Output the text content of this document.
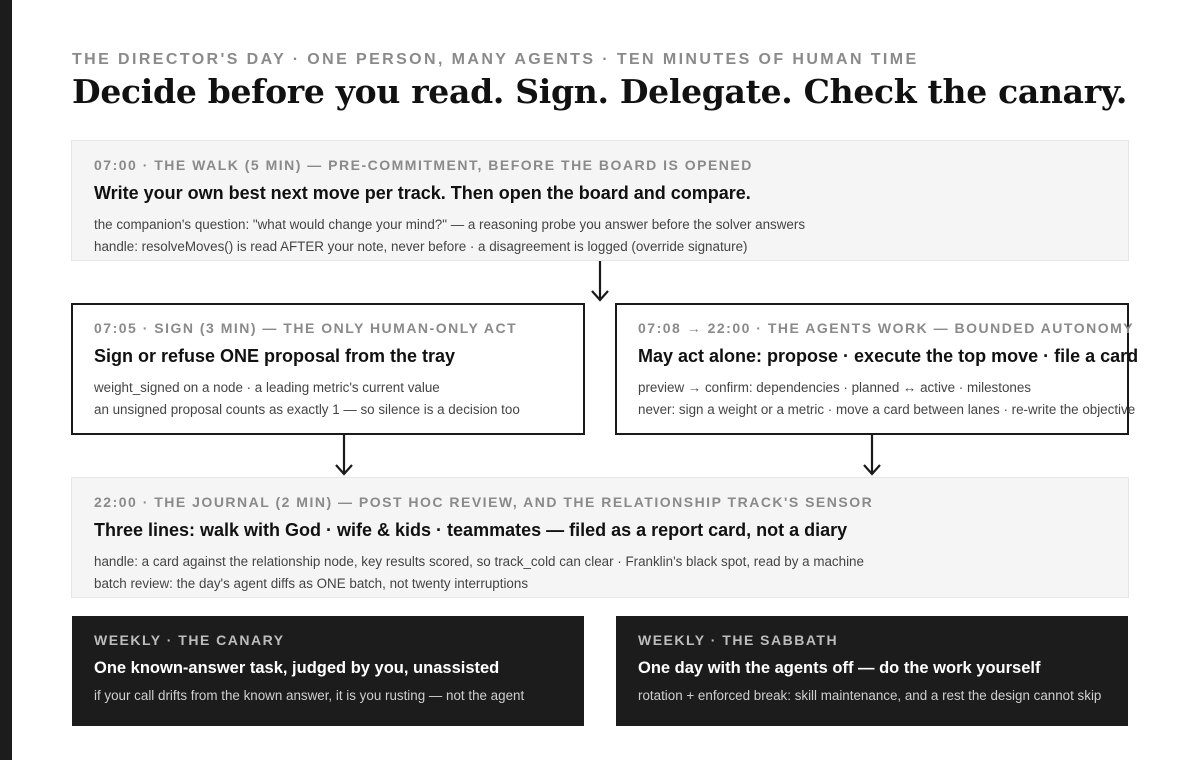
THE DIRECTOR'S DAY · ONE PERSON, MANY AGENTS · TEN MINUTES OF HUMAN TIME
Decide before you read. Sign. Delegate. Check the canary.
07:00 · THE WALK (5 MIN) — PRE-COMMITMENT, BEFORE THE BOARD IS OPENED
Write your own best next move per track. Then open the board and compare.
the companion's question: "what would change your mind?" — a reasoning probe you answer before the solver answers
handle: resolveMoves() is read AFTER your note, never before · a disagreement is logged (override signature)
07:05 · SIGN (3 MIN) — THE ONLY HUMAN-ONLY ACT
Sign or refuse ONE proposal from the tray
weight_signed on a node · a leading metric's current value
an unsigned proposal counts as exactly 1 — so silence is a decision too
07:08 → 22:00 · THE AGENTS WORK — BOUNDED AUTONOMY
May act alone: propose · execute the top move · file a card
preview → confirm: dependencies · planned ↔ active · milestones
never: sign a weight or a metric · move a card between lanes · re-write the objective
22:00 · THE JOURNAL (2 MIN) — POST HOC REVIEW, AND THE RELATIONSHIP TRACK'S SENSOR
Three lines: walk with God · wife & kids · teammates — filed as a report card, not a diary
handle: a card against the relationship node, key results scored, so track_cold can clear · Franklin's black spot, read by a machine
batch review: the day's agent diffs as ONE batch, not twenty interruptions
WEEKLY · THE CANARY
One known-answer task, judged by you, unassisted
if your call drifts from the known answer, it is you rusting — not the agent
WEEKLY · THE SABBATH
One day with the agents off — do the work yourself
rotation + enforced break: skill maintenance, and a rest the design cannot skip
